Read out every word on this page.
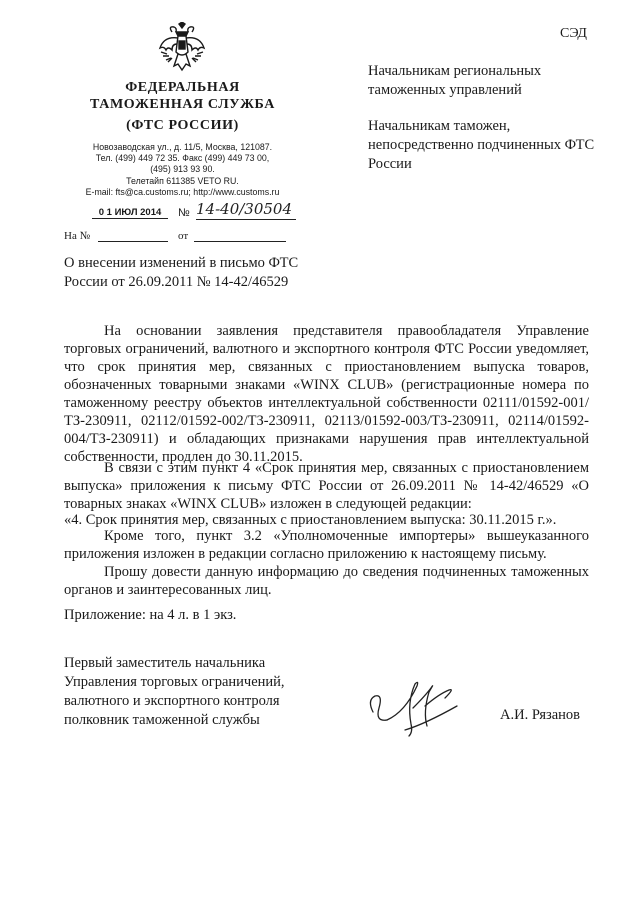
СЭД
ФЕДЕРАЛЬНАЯ
ТАМОЖЕННАЯ СЛУЖБА
(ФТС РОССИИ)
Новозаводская ул., д. 11/5, Москва, 121087.
Тел. (499) 449 72 35. Факс (499) 449 73 00,
(495) 913 93 90.
Телетайп 611385 VETO RU.
E-mail: fts@ca.customs.ru; http://www.customs.ru
0 1 ИЮЛ 2014	№ 14-40/30504
На №	от
О внесении изменений в письмо ФТС России от 26.09.2011 № 14-42/46529
Начальникам региональных таможенных управлений
Начальникам таможен, непосредственно подчиненных ФТС России
На основании заявления представителя правообладателя Управление торговых ограничений, валютного и экспортного контроля ФТС России уведомляет, что срок принятия мер, связанных с приостановлением выпуска товаров, обозначенных товарными знаками «WINX CLUB» (регистрационные номера по таможенному реестру объектов интеллектуальной собственности 02111/01592-001/ТЗ-230911, 02112/01592-002/ТЗ-230911, 02113/01592-003/ТЗ-230911, 02114/01592-004/ТЗ-230911) и обладающих признаками нарушения прав интеллектуальной собственности, продлен до 30.11.2015.
В связи с этим пункт 4 «Срок принятия мер, связанных с приостановлением выпуска» приложения к письму ФТС России от 26.09.2011 № 14-42/46529 «О товарных знаках «WINX CLUB» изложен в следующей редакции:
«4. Срок принятия мер, связанных с приостановлением выпуска: 30.11.2015 г.».
Кроме того, пункт 3.2 «Уполномоченные импортеры» вышеуказанного приложения изложен в редакции согласно приложению к настоящему письму.
Прошу довести данную информацию до сведения подчиненных таможенных органов и заинтересованных лиц.
Приложение: на 4 л. в 1 экз.
Первый заместитель начальника
Управления торговых ограничений,
валютного и экспортного контроля
полковник таможенной службы	А.И. Рязанов
